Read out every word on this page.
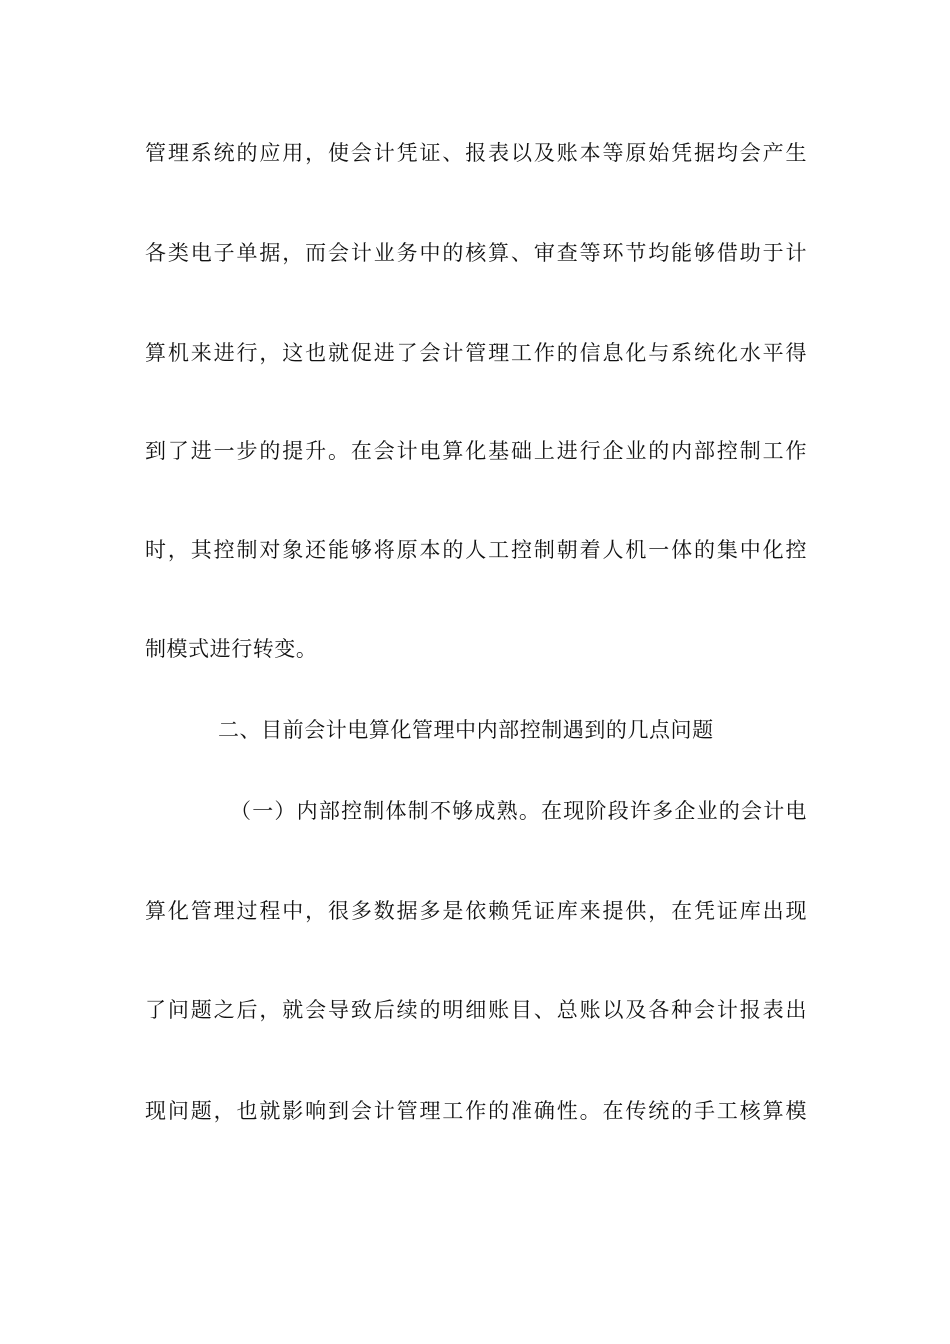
管理系统的应用，使会计凭证、报表以及账本等原始凭据均会产生
各类电子单据，而会计业务中的核算、审查等环节均能够借助于计
算机来进行，这也就促进了会计管理工作的信息化与系统化水平得
到了进一步的提升。在会计电算化基础上进行企业的内部控制工作
时，其控制对象还能够将原本的人工控制朝着人机一体的集中化控
制模式进行转变。
二、目前会计电算化管理中内部控制遇到的几点问题
（一）内部控制体制不够成熟。在现阶段许多企业的会计电
算化管理过程中，很多数据多是依赖凭证库来提供，在凭证库出现
了问题之后，就会导致后续的明细账目、总账以及各种会计报表出
现问题，也就影响到会计管理工作的准确性。在传统的手工核算模
